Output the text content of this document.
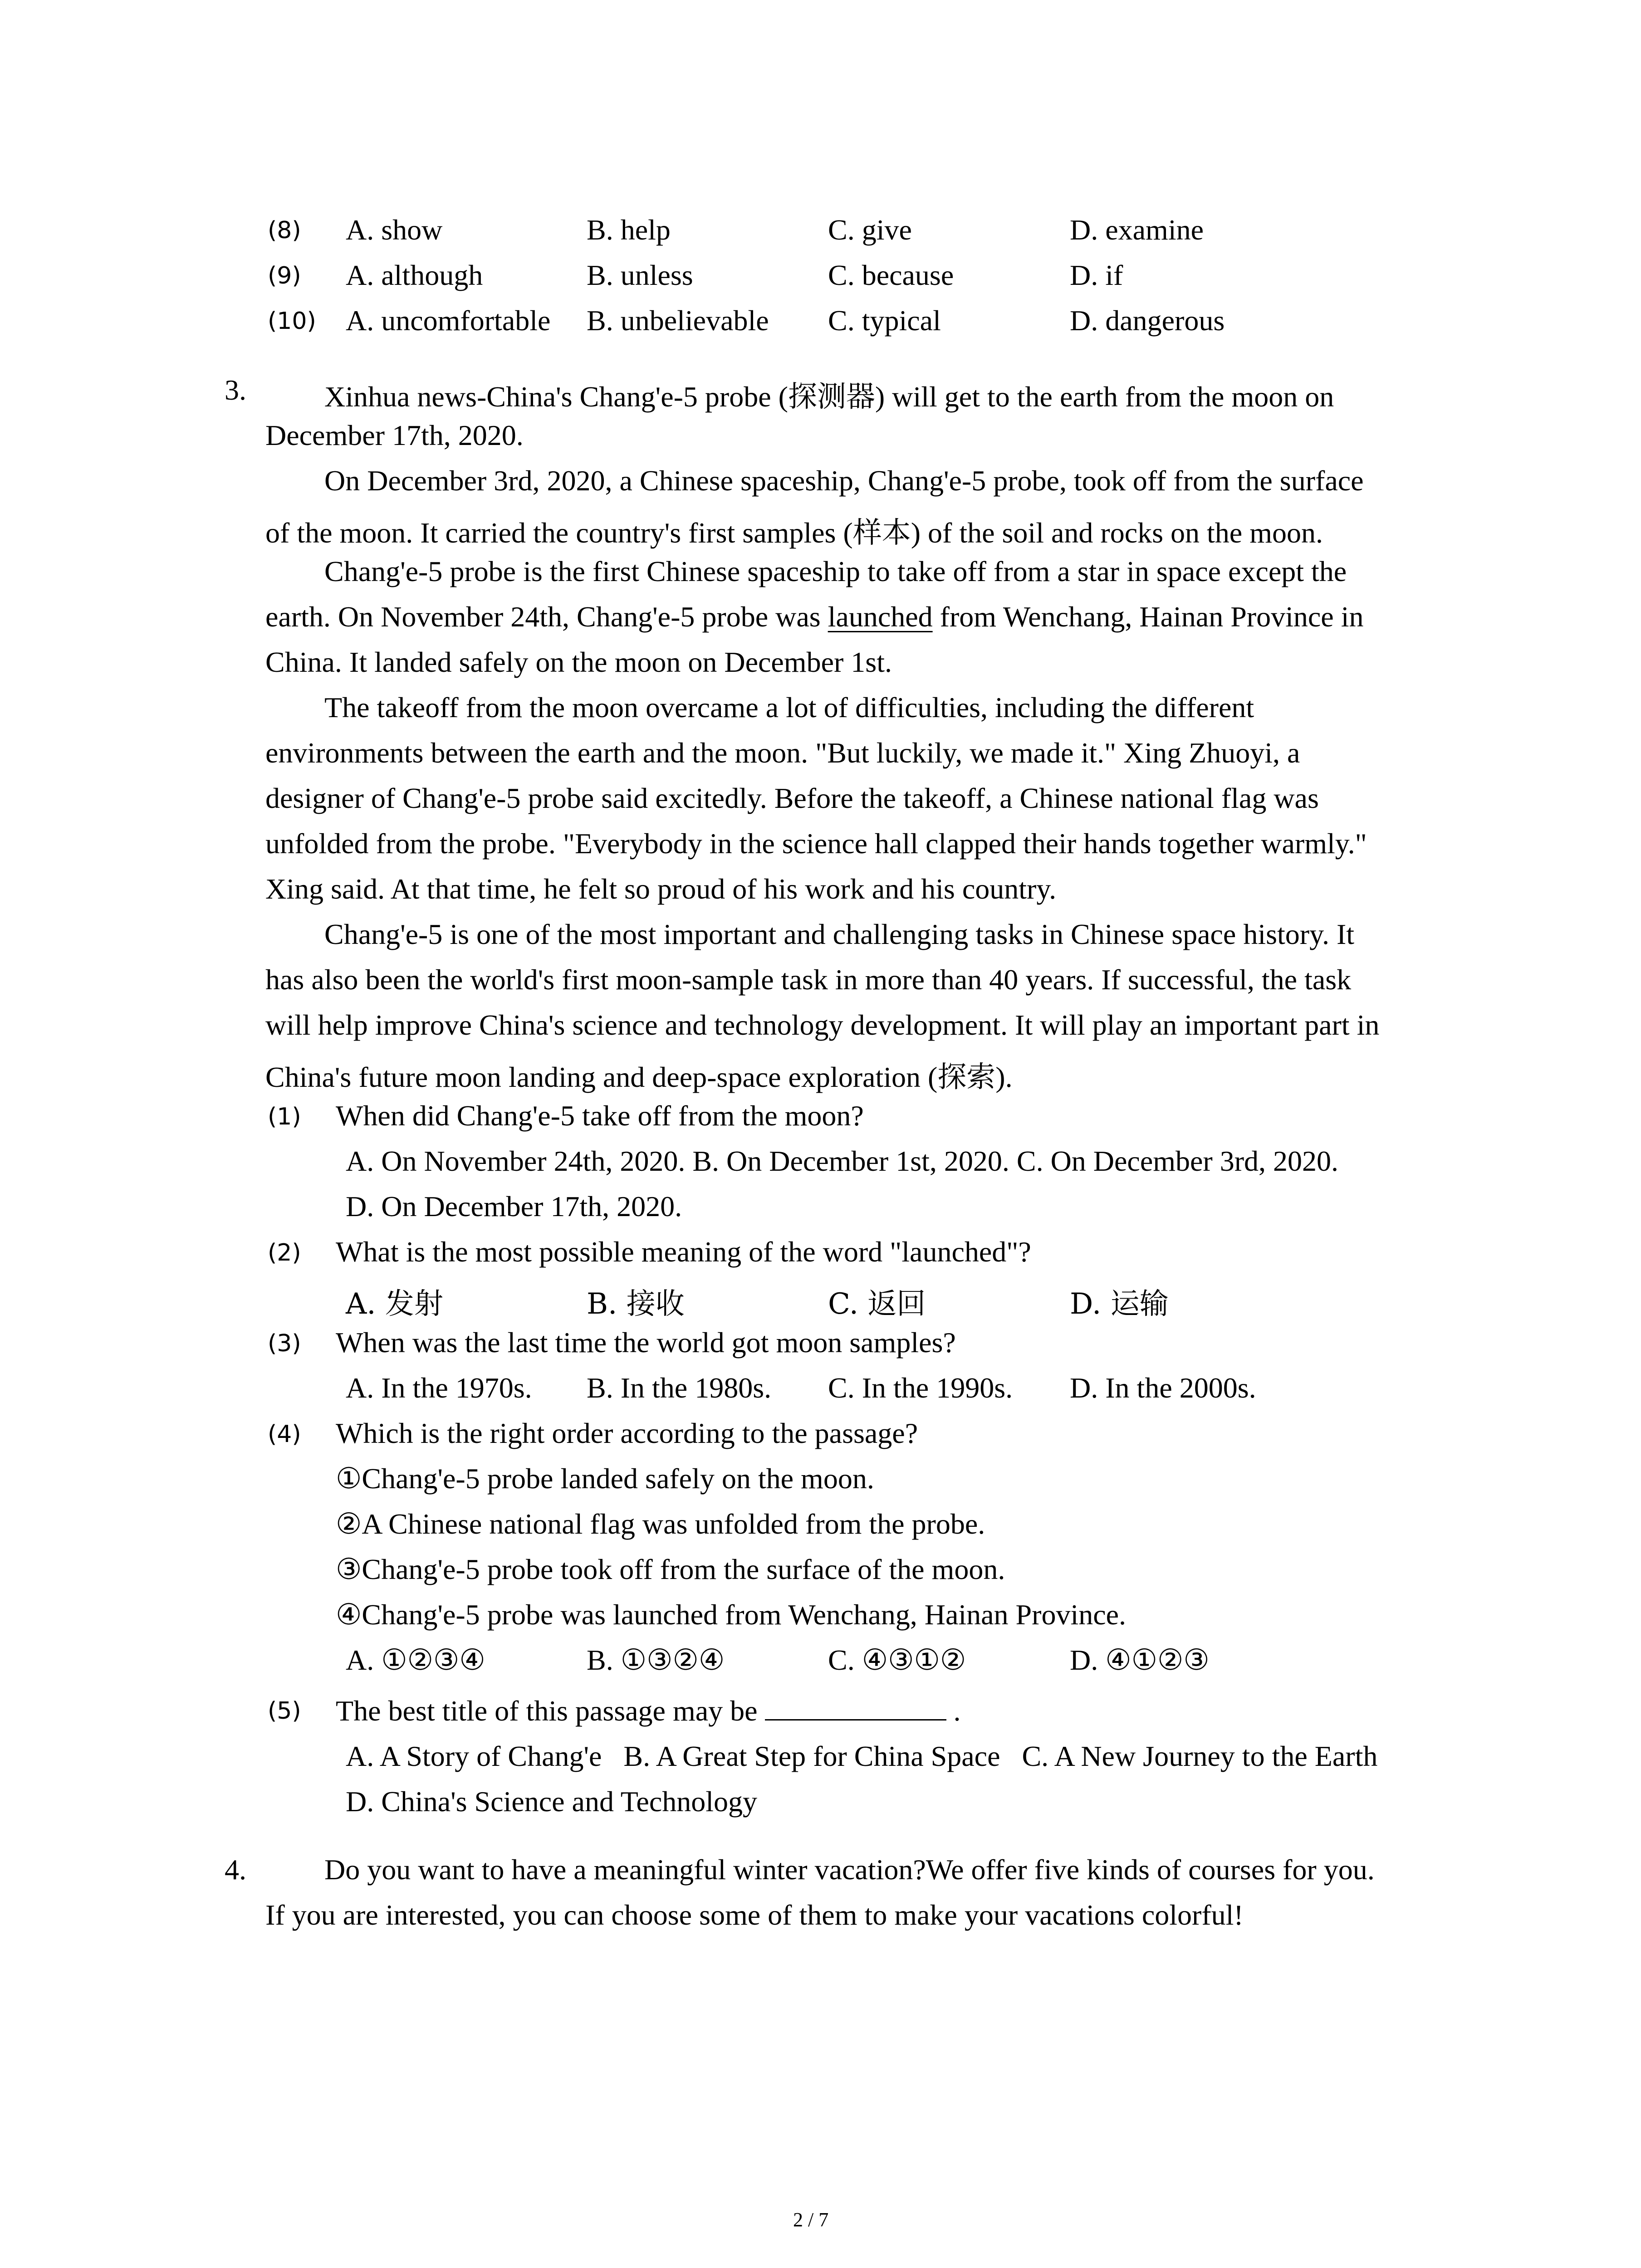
(8) A. show	B. help	C. give	D. examine
(9) A. although	B. unless	C. because	D. if
(10) A. uncomfortable B. unbelievable C. typical	D. dangerous
3.	Xinhua news-China's Chang'e-5 probe (探测器) will get to the earth from the moon on
December 17th, 2020.
On December 3rd, 2020, a Chinese spaceship, Chang'e-5 probe, took off from the surface
of the moon. It carried the country's first samples (样本) of the soil and rocks on the moon.
Chang'e-5 probe is the first Chinese spaceship to take off from a star in space except the
earth. On November 24th, Chang'e-5 probe was launched from Wenchang, Hainan Province in
China. It landed safely on the moon on December 1st.
The takeoff from the moon overcame a lot of difficulties, including the different
environments between the earth and the moon. "But luckily, we made it." Xing Zhuoyi, a
designer of Chang'e-5 probe said excitedly. Before the takeoff, a Chinese national flag was
unfolded from the probe. "Everybody in the science hall clapped their hands together warmly."
Xing said. At that time, he felt so proud of his work and his country.
Chang'e-5 is one of the most important and challenging tasks in Chinese space history. It
has also been the world's first moon-sample task in more than 40 years. If successful, the task
will help improve China's science and technology development. It will play an important part in
China's future moon landing and deep-space exploration (探索).
(1) When did Chang'e-5 take off from the moon?
A. On November 24th, 2020. B. On December 1st, 2020. C. On December 3rd, 2020.
D. On December 17th, 2020.
(2) What is the most possible meaning of the word "launched"?
A. 发射	B. 接收	C. 返回	D. 运输
(3) When was the last time the world got moon samples?
A. In the 1970s. B. In the 1980s. C. In the 1990s. D. In the 2000s.
(4) Which is the right order according to the passage?
①Chang'e-5 probe landed safely on the moon.
②A Chinese national flag was unfolded from the probe.
③Chang'e-5 probe took off from the surface of the moon.
④Chang'e-5 probe was launched from Wenchang, Hainan Province.
A. ①②③④	B. ①③②④	C. ④③①②	D. ④①②③
(5) The best title of this passage may be	.
A. A Story of Chang'e   B. A Great Step for China Space   C. A New Journey to the Earth
D. China's Science and Technology
4.	Do you want to have a meaningful winter vacation?We offer five kinds of courses for you.
If you are interested, you can choose some of them to make your vacations colorful!
2 / 7
